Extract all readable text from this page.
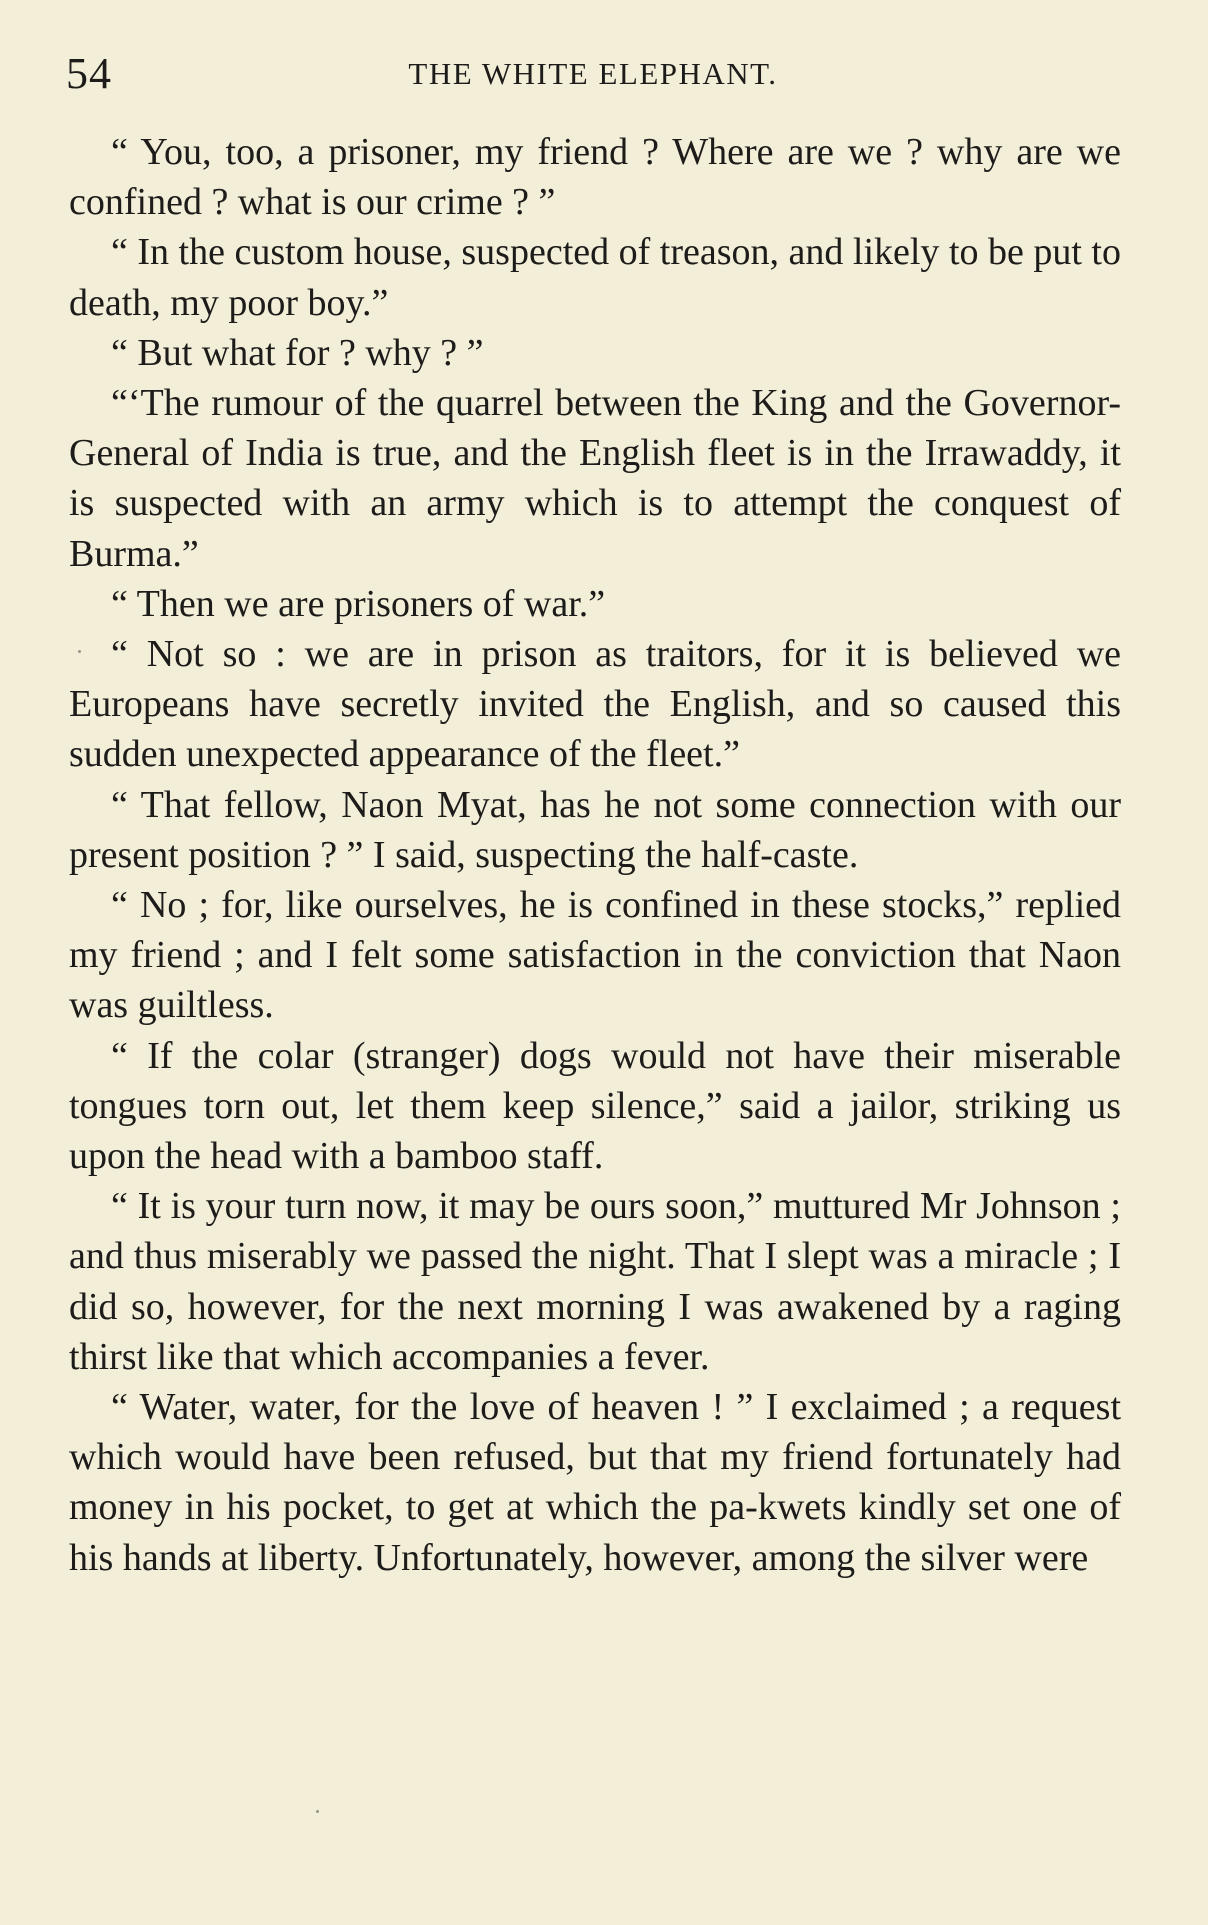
54	THE WHITE ELEPHANT.

“ You, too, a prisoner, my friend ? Where are we ? why are we confined ? what is our crime ? ”

“ In the custom house, suspected of treason, and likely to be put to death, my poor boy.”

“ But what for ? why ? ”

“‘The rumour of the quarrel between the King and the Governor-General of India is true, and the English fleet is in the Irrawaddy, it is suspected with an army which is to attempt the conquest of Burma.”

“ Then we are prisoners of war.”

“ Not so : we are in prison as traitors, for it is believed we Europeans have secretly invited the English, and so caused this sudden unexpected appearance of the fleet.”

“ That fellow, Naon Myat, has he not some connection with our present position ? ” I said, suspecting the half-caste.

“ No ; for, like ourselves, he is confined in these stocks,” replied my friend ; and I felt some satisfaction in the conviction that Naon was guiltless.

“ If the colar (stranger) dogs would not have their miserable tongues torn out, let them keep silence,” said a jailor, striking us upon the head with a bamboo staff.

“ It is your turn now, it may be ours soon,” muttured Mr Johnson ; and thus miserably we passed the night. That I slept was a miracle ; I did so, however, for the next morning I was awakened by a raging thirst like that which accompanies a fever.

“ Water, water, for the love of heaven ! ” I exclaimed ; a request which would have been refused, but that my friend fortunately had money in his pocket, to get at which the pa-kwets kindly set one of his hands at liberty. Unfortunately, however, among the silver were
